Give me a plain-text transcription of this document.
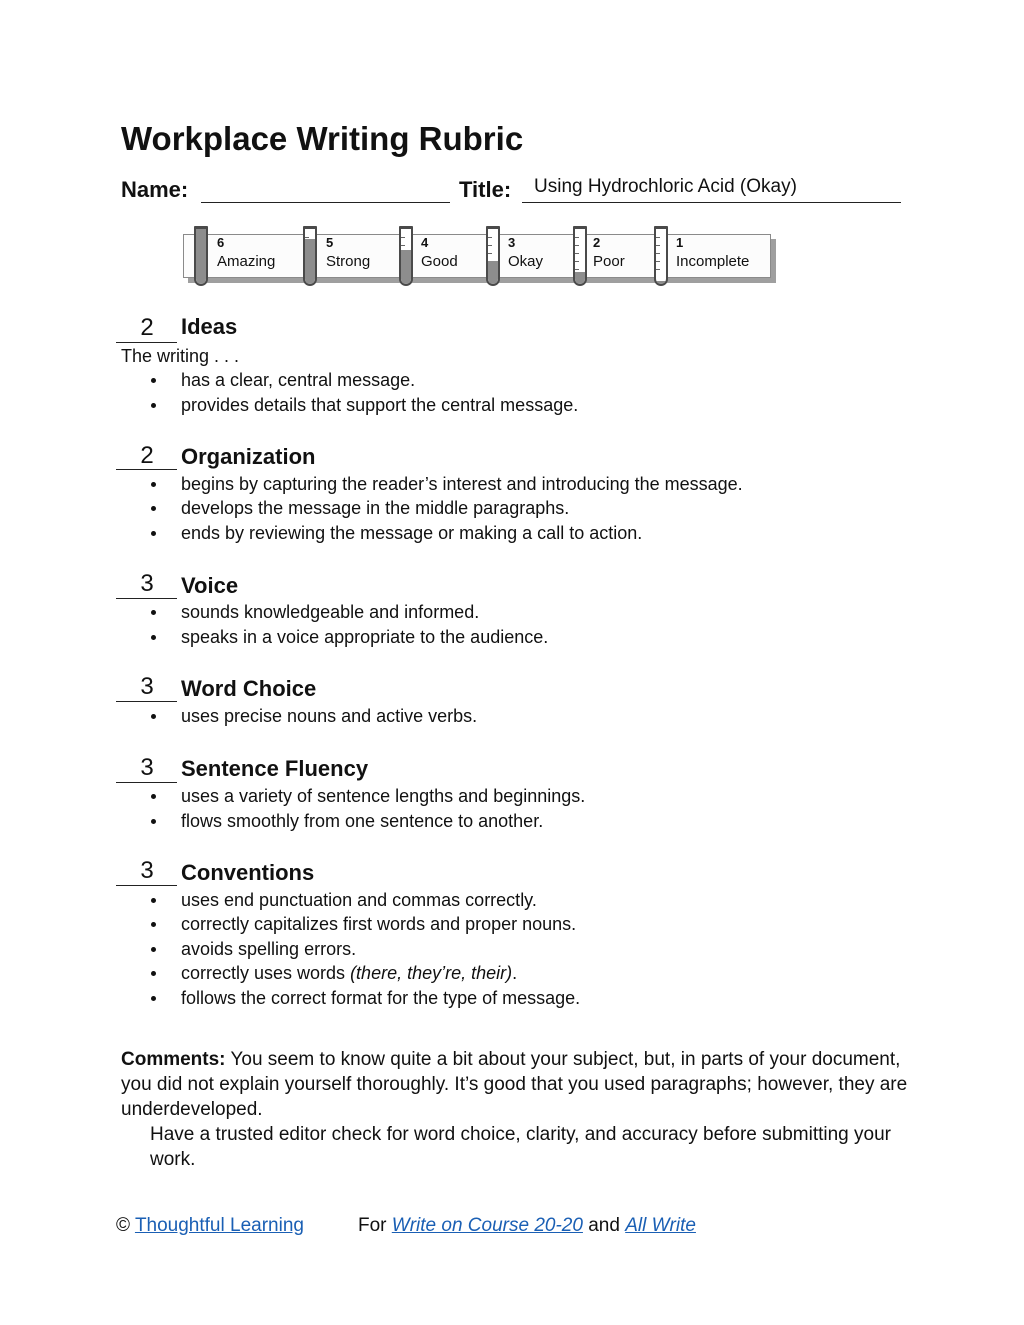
Workplace Writing Rubric
Name:	Title: Using Hydrochloric Acid (Okay)
6
Amazing
5
Strong
4
Good
3
Okay
2
Poor
1
Incomplete
2	Ideas
The writing . . .
has a clear, central message.
provides details that support the central message.
2	Organization
begins by capturing the reader’s interest and introducing the message.
develops the message in the middle paragraphs.
ends by reviewing the message or making a call to action.
3	Voice
sounds knowledgeable and informed.
speaks in a voice appropriate to the audience.
3	Word Choice
uses precise nouns and active verbs.
3	Sentence Fluency
uses a variety of sentence lengths and beginnings.
flows smoothly from one sentence to another.
3	Conventions
uses end punctuation and commas correctly.
correctly capitalizes first words and proper nouns.
avoids spelling errors.
correctly uses words (there, they’re, their).
follows the correct format for the type of message.
Comments: You seem to know quite a bit about your subject, but, in parts of your document, you did not explain yourself thoroughly. It’s good that you used paragraphs; however, they are underdeveloped.
Have a trusted editor check for word choice, clarity, and accuracy before submitting your work.
© Thoughtful Learning	For Write on Course 20-20 and All Write
